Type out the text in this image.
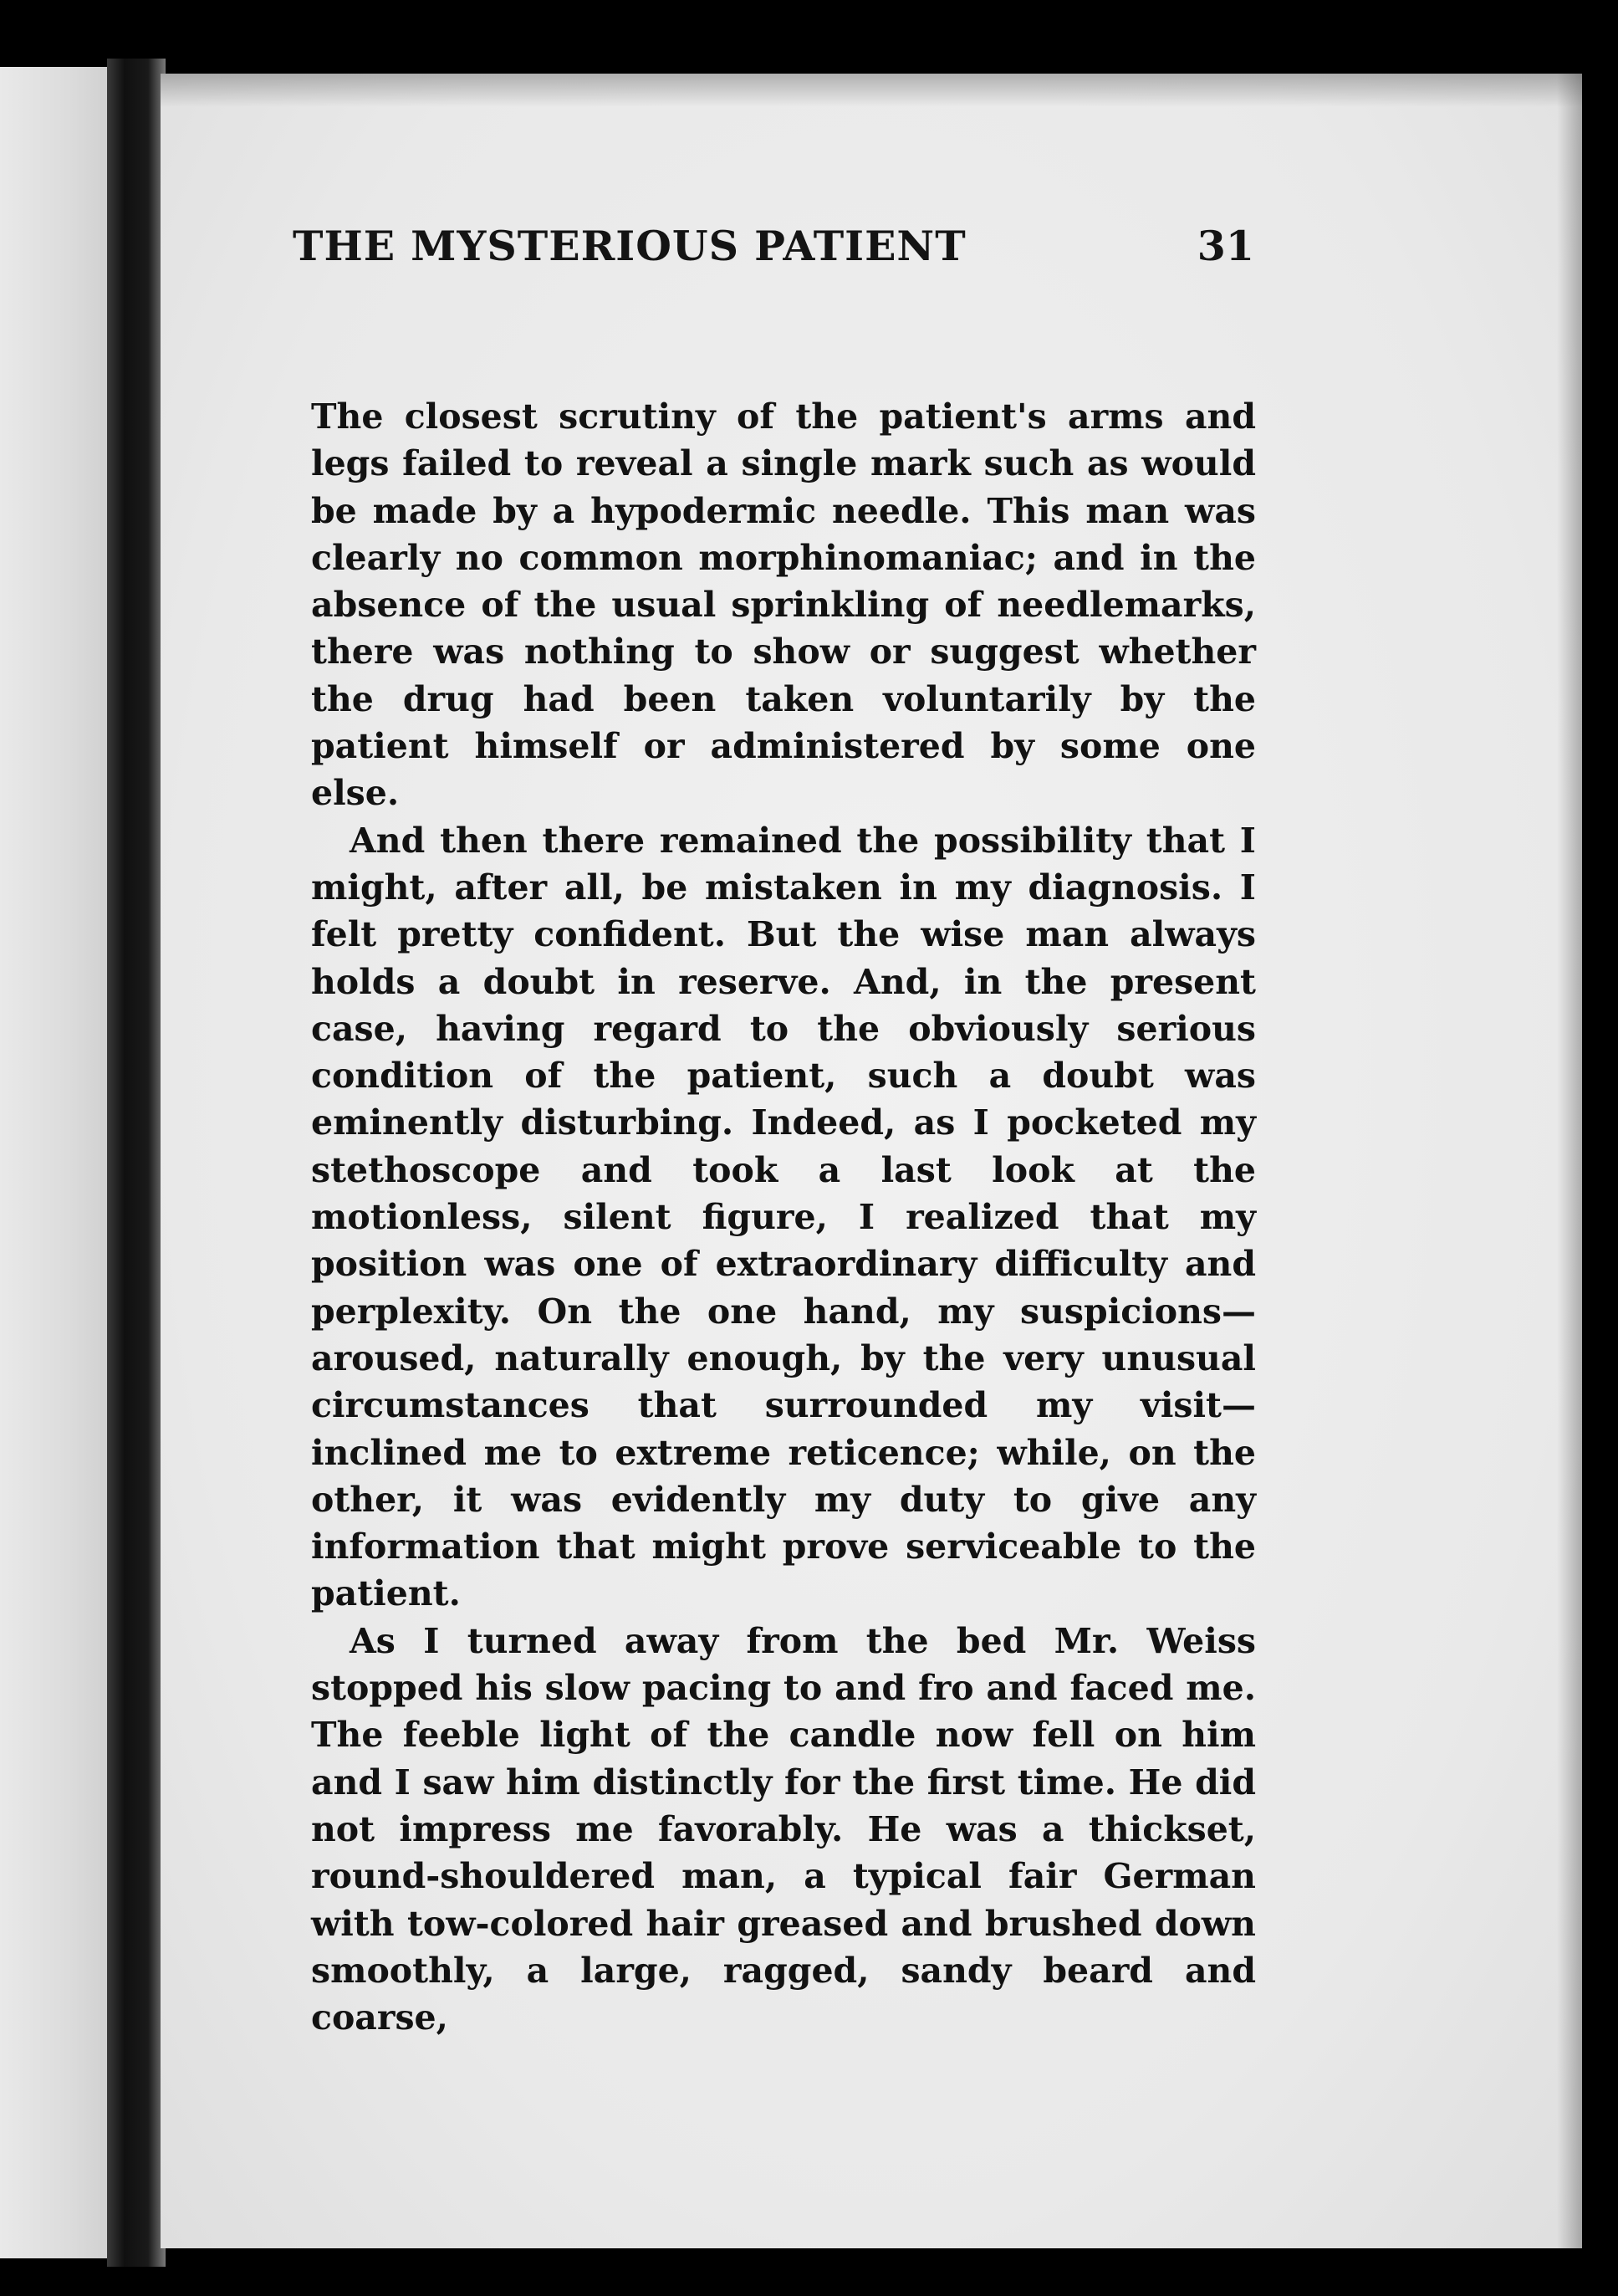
THE MYSTERIOUS PATIENT	31

The closest scrutiny of the patient's arms and legs failed to reveal a single mark such as would be made by a hypodermic needle. This man was clearly no common morphinomaniac; and in the absence of the usual sprinkling of needlemarks, there was nothing to show or suggest whether the drug had been taken voluntarily by the patient himself or administered by some one else.

And then there remained the possibility that I might, after all, be mistaken in my diagnosis. I felt pretty confident. But the wise man always holds a doubt in reserve. And, in the present case, having regard to the obviously serious condition of the patient, such a doubt was eminently disturbing. Indeed, as I pocketed my stethoscope and took a last look at the motionless, silent figure, I realized that my position was one of extraordinary difficulty and perplexity. On the one hand, my suspicions—aroused, naturally enough, by the very unusual circumstances that surrounded my visit—inclined me to extreme reticence; while, on the other, it was evidently my duty to give any information that might prove serviceable to the patient.

As I turned away from the bed Mr. Weiss stopped his slow pacing to and fro and faced me. The feeble light of the candle now fell on him and I saw him distinctly for the first time. He did not impress me favorably. He was a thickset, round-shouldered man, a typical fair German with tow-colored hair greased and brushed down smoothly, a large, ragged, sandy beard and coarse,
